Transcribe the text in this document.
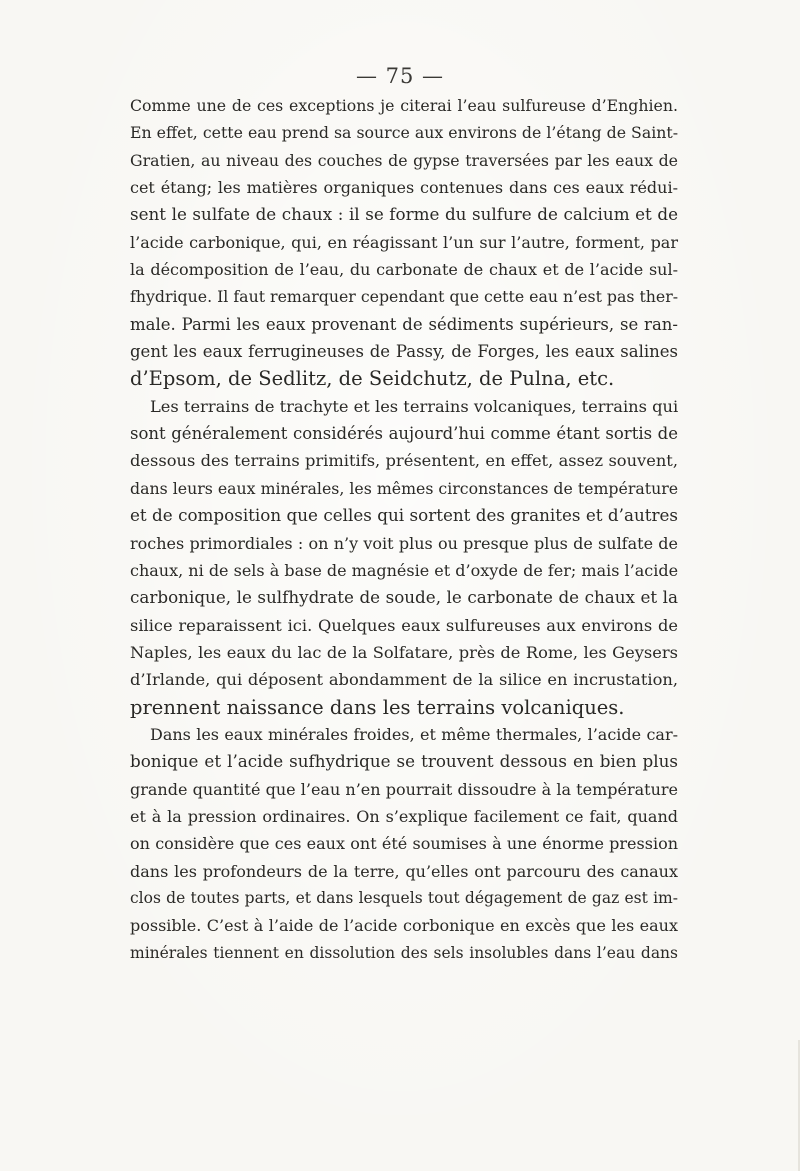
— 75 —
Comme une de ces exceptions je citerai l’eau sulfureuse d’Enghien.
En effet, cette eau prend sa source aux environs de l’étang de Saint-
Gratien, au niveau des couches de gypse traversées par les eaux de
cet étang; les matières organiques contenues dans ces eaux rédui-
sent le sulfate de chaux : il se forme du sulfure de calcium et de
l’acide carbonique, qui, en réagissant l’un sur l’autre, forment, par
la décomposition de l’eau, du carbonate de chaux et de l’acide sul-
fhydrique. Il faut remarquer cependant que cette eau n’est pas ther-
male. Parmi les eaux provenant de sédiments supérieurs, se ran-
gent les eaux ferrugineuses de Passy, de Forges, les eaux salines
d’Epsom, de Sedlitz, de Seidchutz, de Pulna, etc.
Les terrains de trachyte et les terrains volcaniques, terrains qui
sont généralement considérés aujourd’hui comme étant sortis de
dessous des terrains primitifs, présentent, en effet, assez souvent,
dans leurs eaux minérales, les mêmes circonstances de température
et de composition que celles qui sortent des granites et d’autres
roches primordiales : on n’y voit plus ou presque plus de sulfate de
chaux, ni de sels à base de magnésie et d’oxyde de fer; mais l’acide
carbonique, le sulfhydrate de soude, le carbonate de chaux et la
silice reparaissent ici. Quelques eaux sulfureuses aux environs de
Naples, les eaux du lac de la Solfatare, près de Rome, les Geysers
d’Irlande, qui déposent abondamment de la silice en incrustation,
prennent naissance dans les terrains volcaniques.
Dans les eaux minérales froides, et même thermales, l’acide car-
bonique et l’acide sufhydrique se trouvent dessous en bien plus
grande quantité que l’eau n’en pourrait dissoudre à la température
et à la pression ordinaires. On s’explique facilement ce fait, quand
on considère que ces eaux ont été soumises à une énorme pression
dans les profondeurs de la terre, qu’elles ont parcouru des canaux
clos de toutes parts, et dans lesquels tout dégagement de gaz est im-
possible. C’est à l’aide de l’acide corbonique en excès que les eaux
minérales tiennent en dissolution des sels insolubles dans l’eau dans
